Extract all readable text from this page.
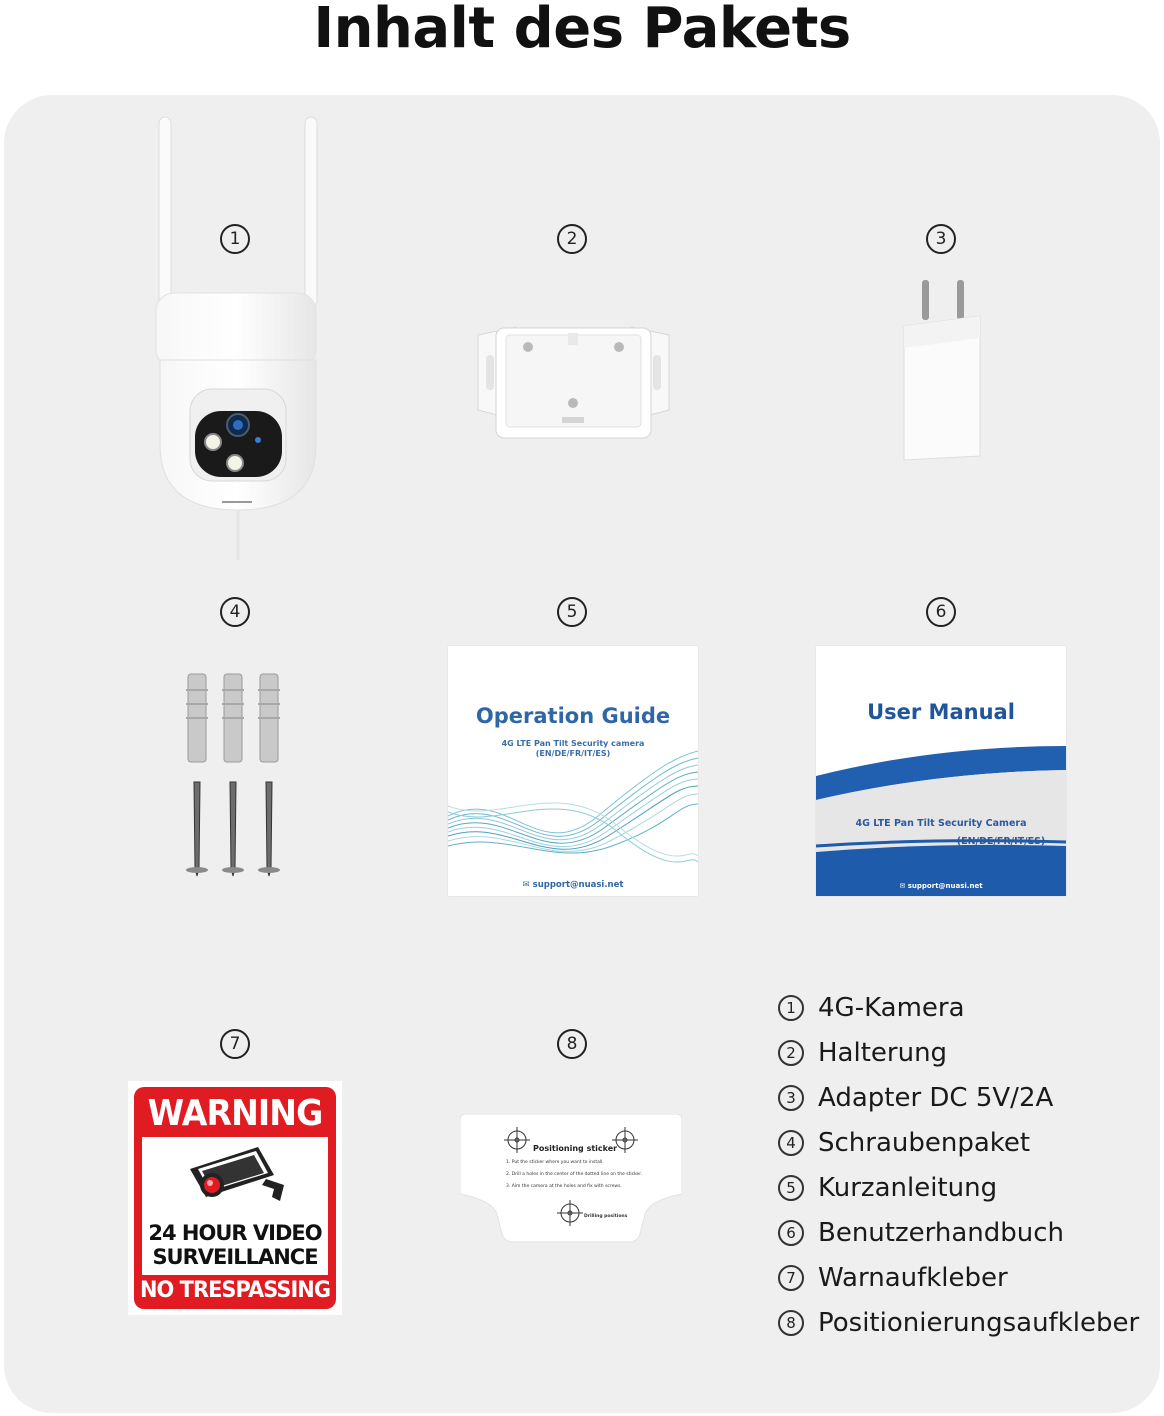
Inhalt des Pakets
1	2	3
4	5	6
7	8
Operation Guide
4G LTE Pan Tilt Security camera
(EN/DE/FR/IT/ES)
✉ support@nuasi.net
User Manual
4G LTE Pan Tilt Security Camera
(EN/DE/FR/IT/ES)
✉ support@nuasi.net
WARNING
24 HOUR VIDEO
SURVEILLANCE
NO TRESPASSING
Positioning sticker
1. Put the sticker where you want to install.
2. Drill a holes in the center of the dotted line on the sticker.
3. Aim the camera at the holes and fix with screws.
Drilling positions
1 4G-Kamera
2 Halterung
3 Adapter DC 5V/2A
4 Schraubenpaket
5 Kurzanleitung
6 Benutzerhandbuch
7 Warnaufkleber
8 Positionierungsaufkleber
